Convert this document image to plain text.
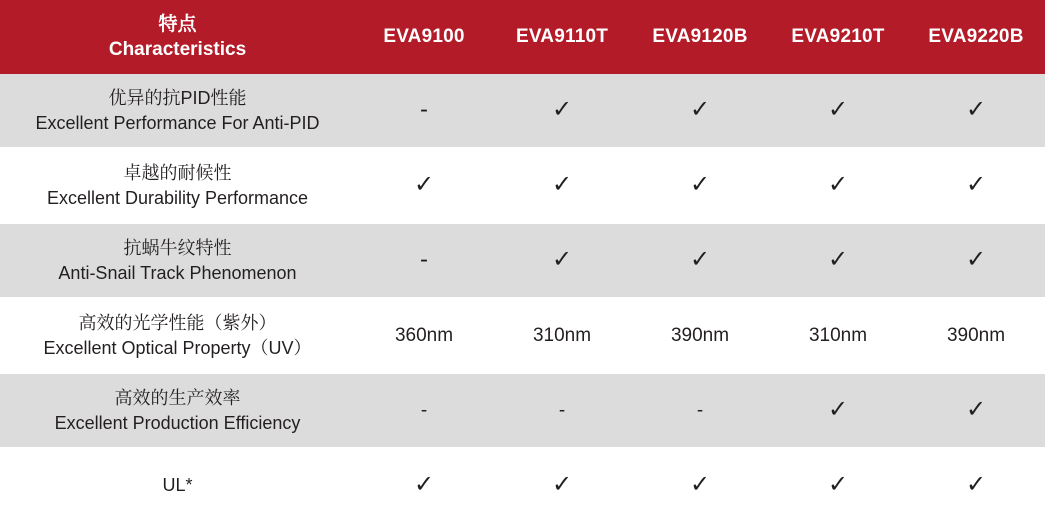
特点
Characteristics	EVA9100	EVA9110T	EVA9120B	EVA9210T	EVA9220B

优异的抗PID性能
Excellent Performance For Anti-PID	-	✓	✓	✓	✓

卓越的耐候性
Excellent Durability Performance	✓	✓	✓	✓	✓

抗蜗牛纹特性
Anti-Snail Track Phenomenon	-	✓	✓	✓	✓

高效的光学性能（紫外）
Excellent Optical Property（UV）	360nm	310nm	390nm	310nm	390nm

高效的生产效率
Excellent Production Efficiency	-	-	-	✓	✓

UL*	✓	✓	✓	✓	✓
